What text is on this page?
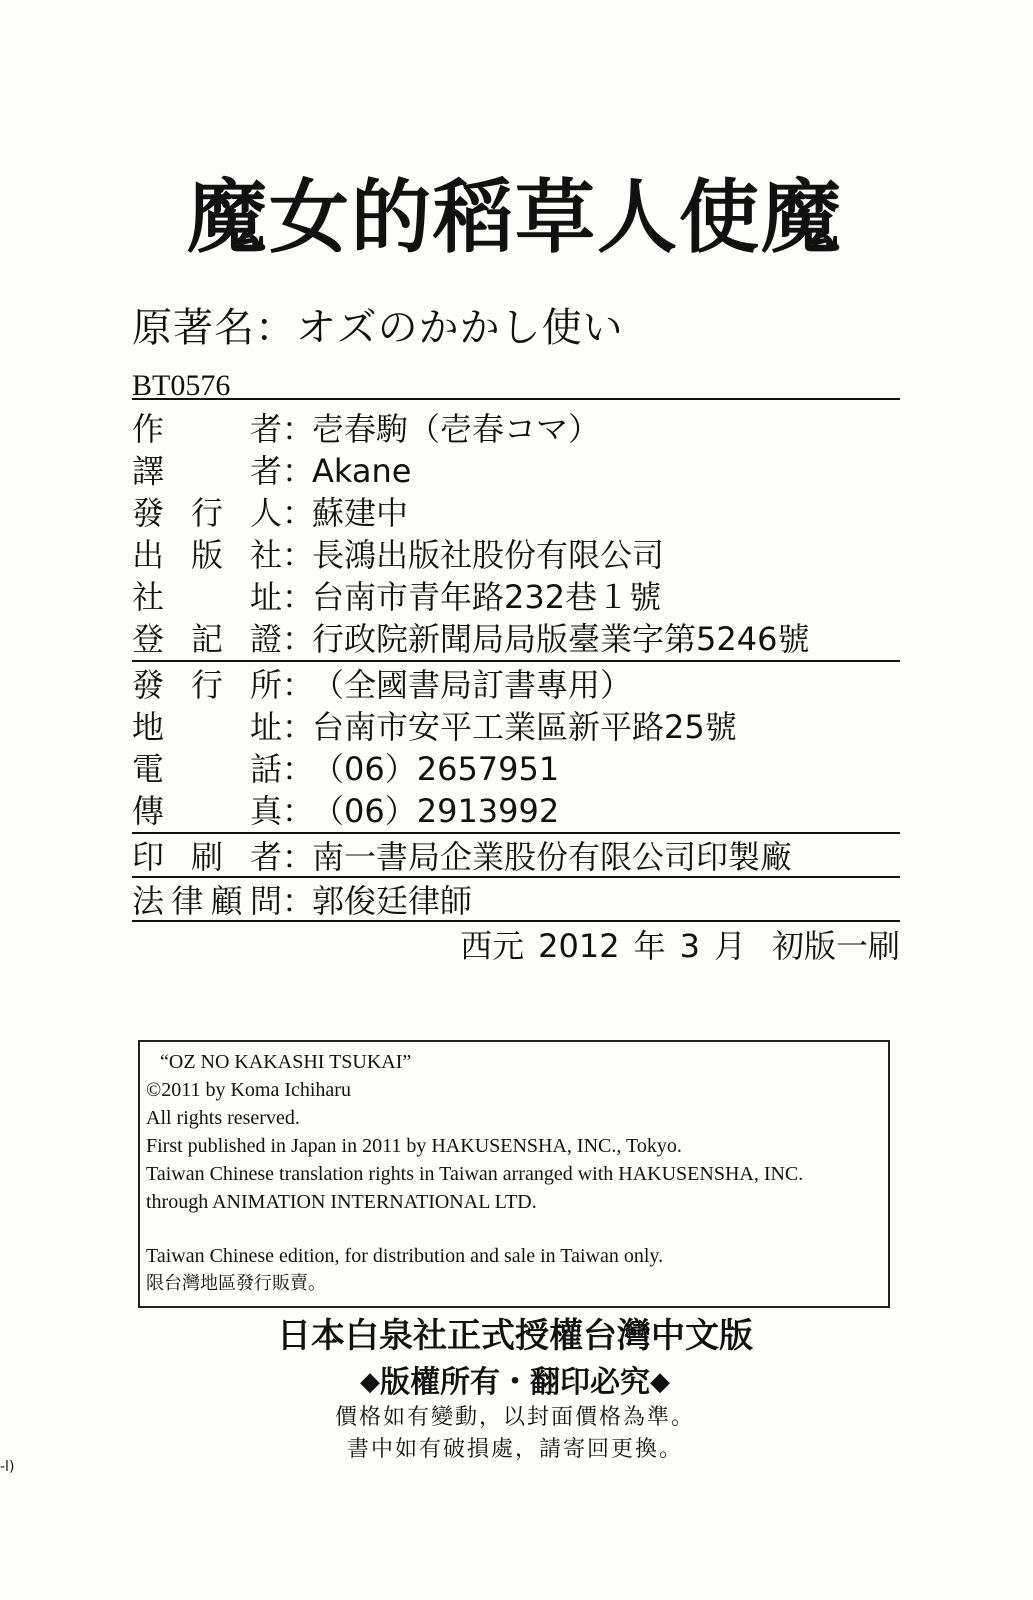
魔女的稻草人使魔
原著名：オズのかかし使い
BT0576
作　者：壱春駒（壱春コマ）
譯　者：Akane
發行人：蘇建中
出版社：長鴻出版社股份有限公司
社　址：台南市青年路232巷１號
登記證：行政院新聞局局版臺業字第5246號
發行所：（全國書局訂書專用）
地　址：台南市安平工業區新平路25號
電　話：（06）2657951
傳　真：（06）2913992
印刷者：南一書局企業股份有限公司印製廠
法律顧問：郭俊廷律師
西元 2012 年 3 月 初版一刷
“OZ NO KAKASHI TSUKAI”
©2011 by Koma Ichiharu
All rights reserved.
First published in Japan in 2011 by HAKUSENSHA, INC., Tokyo.
Taiwan Chinese translation rights in Taiwan arranged with HAKUSENSHA, INC.
through ANIMATION INTERNATIONAL LTD.
Taiwan Chinese edition, for distribution and sale in Taiwan only.
限台灣地區發行販賣。
日本白泉社正式授權台灣中文版
◆版權所有・翻印必究◆
價格如有變動，以封面價格為準。
書中如有破損處，請寄回更換。
-l)
